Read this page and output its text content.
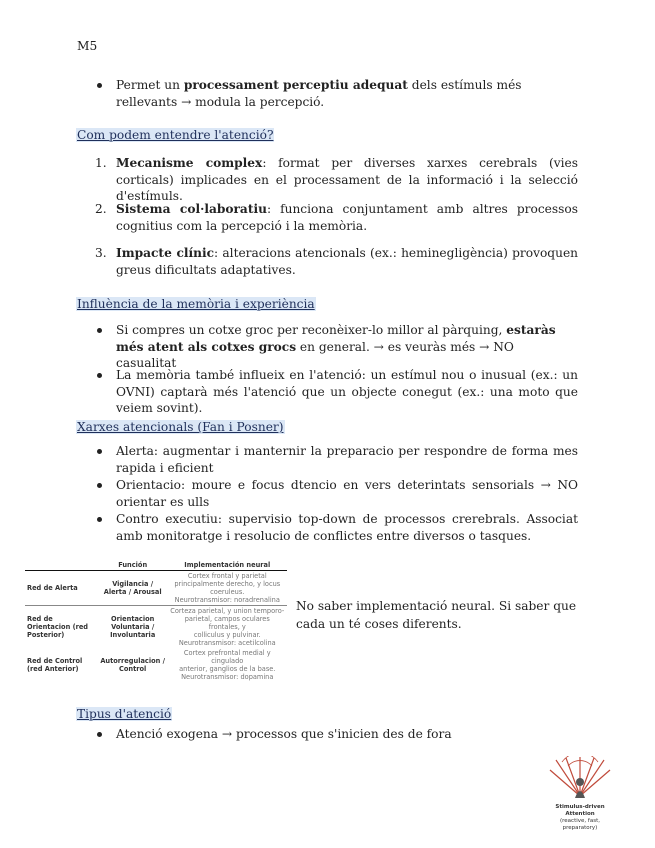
M5
Permet un processament perceptiu adequat dels estímuls més rellevants → modula la percepció.
Com podem entendre l'atenció?
1. Mecanisme complex: format per diverses xarxes cerebrals (vies corticals) implicades en el processament de la informació i la selecció d'estímuls.
2. Sistema col·laboratiu: funciona conjuntament amb altres processos cognitius com la percepció i la memòria.
3. Impacte clínic: alteracions atencionals (ex.: heminegligència) provoquen greus dificultats adaptatives.
Influència de la memòria i experiència
Si compres un cotxe groc per reconèixer-lo millor al pàrquing, estaràs més atent als cotxes grocs en general. → es veuràs més → NO casualitat
La memòria també influeix en l'atenció: un estímul nou o inusual (ex.: un OVNI) captarà més l'atenció que un objecte conegut (ex.: una moto que veiem sovint).
Xarxes atencionals (Fan i Posner)
Alerta: augmentar i manternir la preparacio per respondre de forma mes rapida i eficient
Orientacio: moure e focus dtencio en vers deterintats sensorials → NO orientar es ulls
Contro executiu: supervisio top-down de processos crerebrals. Associat amb monitoratge i resolucio de conflictes entre diversos o tasques.
	Función	Implementación neural
Red de Alerta	Vigilancia / Alerta / Arousal	Cortex frontal y parietal
principalmente derecho, y locus
coeruleus.
Neurotransmisor: noradrenalina

Red de Orientacion (red Posterior)	Orientacion Voluntaria / Involuntaria	Corteza parietal, y union temporo-
parietal, campos oculares frontales, y
colliculus y pulvinar.
Neurotransmisor: acetilcolina

Red de Control (red Anterior)	Autorregulacion / Control	Cortex prefrontal medial y cingulado
anterior, ganglios de la base.
Neurotransmisor: dopamina
No saber implementació neural. Si saber que cada un té coses diferents.
Tipus d'atenció
Atenció exogena → processos que s'inicien des de fora
Stimulus-driven Attention
(reactive, fast, preparatory)
